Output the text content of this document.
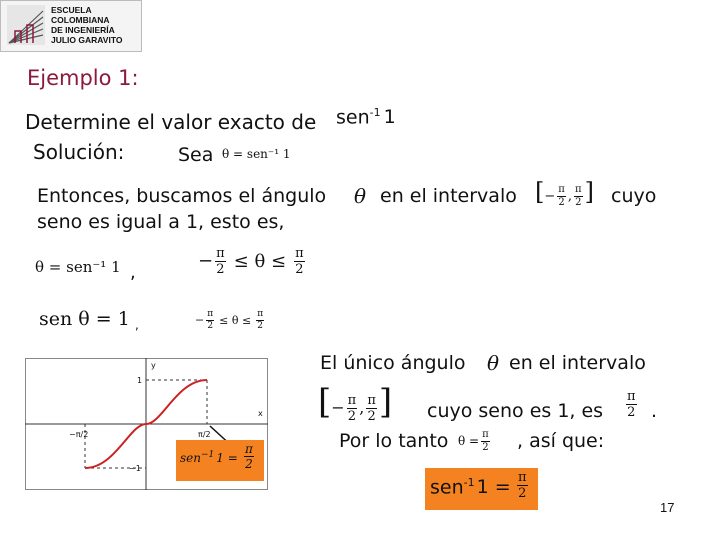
ESCUELA
COLOMBIANA
DE INGENIERÍA
JULIO GARAVITO
Ejemplo 1:
Determine el valor exacto de sen$^{-1}$ 1
Solución:	Sea θ = sen⁻¹ 1
Entonces, buscamos el ángulo θ en el intervalo [− $\frac{\pi}{2}$ , $\frac{\pi}{2}$ ] cuyo
seno es igual a 1, esto es,
θ = sen⁻¹ 1 ,
− $\frac{\pi}{2} \le \theta \le \frac{\pi}{2}$
sen θ = 1 ,	− $\frac{\pi}{2} \le \theta \le \frac{\pi}{2}$
El único ángulo θ en el intervalo
[− $\frac{\pi}{2}$ , $\frac{\pi}{2}$ ] cuyo seno es 1, es $\frac{\pi}{2}$ .
Por lo tanto $\theta = \frac{\pi}{2}$ , así que:
sen$^{-1}$ $1 = \frac{\pi}{2}$
y
x
1
−1
−π/2	π/2
sen$^{-1}$ $1 = \frac{\pi}{2}$
17
